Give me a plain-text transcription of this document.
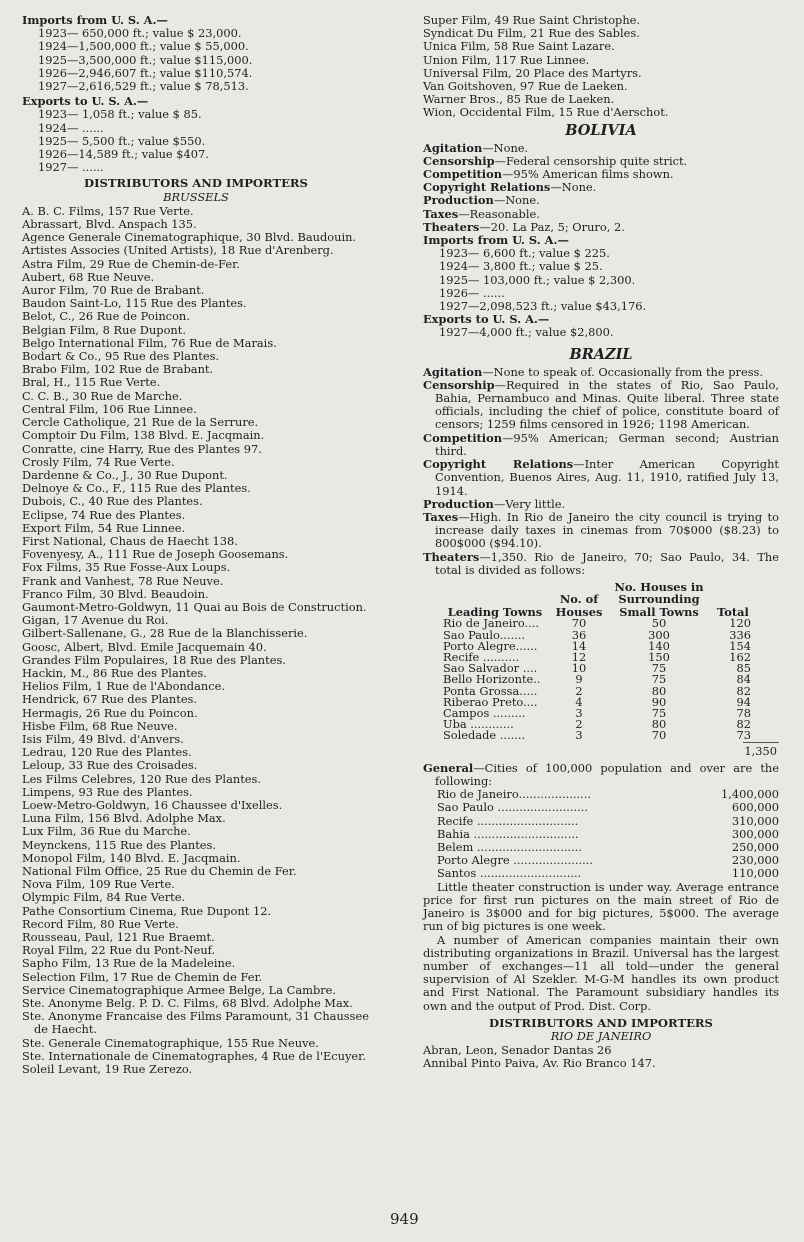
Imports from U. S. A.—
1923— 650,000 ft.; value $ 23,000.
1924—1,500,000 ft.; value $ 55,000.
1925—3,500,000 ft.; value $115,000.
1926—2,946,607 ft.; value $110,574.
1927—2,616,529 ft.; value $ 78,513.
Exports to U. S. A.—
1923— 1,058 ft.; value $ 85.
1924— ......
1925— 5,500 ft.; value $550.
1926—14,589 ft.; value $407.
1927— ......
DISTRIBUTORS AND IMPORTERS
BRUSSELS
A. B. C. Films, 157 Rue Verte.
Abrassart, Blvd. Anspach 135.
Agence Generale Cinematographique, 30 Blvd. Baudouin.
Artistes Associes (United Artists), 18 Rue d'Arenberg.
Astra Film, 29 Rue de Chemin-de-Fer.
Aubert, 68 Rue Neuve.
Auror Film, 70 Rue de Brabant.
Baudon Saint-Lo, 115 Rue des Plantes.
Belot, C., 26 Rue de Poincon.
Belgian Film, 8 Rue Dupont.
Belgo International Film, 76 Rue de Marais.
Bodart & Co., 95 Rue des Plantes.
Brabo Film, 102 Rue de Brabant.
Bral, H., 115 Rue Verte.
C. C. B., 30 Rue de Marche.
Central Film, 106 Rue Linnee.
Cercle Catholique, 21 Rue de la Serrure.
Comptoir Du Film, 138 Blvd. E. Jacqmain.
Conratte, cine Harry, Rue des Plantes 97.
Crosly Film, 74 Rue Verte.
Dardenne & Co., J., 30 Rue Dupont.
Delnoye & Co., F., 115 Rue des Plantes.
Dubois, C., 40 Rue des Plantes.
Eclipse, 74 Rue des Plantes.
Export Film, 54 Rue Linnee.
First National, Chaus de Haecht 138.
Fovenyesy, A., 111 Rue de Joseph Goosemans.
Fox Films, 35 Rue Fosse-Aux Loups.
Frank and Vanhest, 78 Rue Neuve.
Franco Film, 30 Blvd. Beaudoin.
Gaumont-Metro-Goldwyn, 11 Quai au Bois de Construction.
Gigan, 17 Avenue du Roi.
Gilbert-Sallenane, G., 28 Rue de la Blanchisserie.
Goosc, Albert, Blvd. Emile Jacquemain 40.
Grandes Film Populaires, 18 Rue des Plantes.
Hackin, M., 86 Rue des Plantes.
Helios Film, 1 Rue de l'Abondance.
Hendrick, 67 Rue des Plantes.
Hermagis, 26 Rue du Poincon.
Hisbe Film, 68 Rue Neuve.
Isis Film, 49 Blvd. d'Anvers.
Ledrau, 120 Rue des Plantes.
Leloup, 33 Rue des Croisades.
Les Films Celebres, 120 Rue des Plantes.
Limpens, 93 Rue des Plantes.
Loew-Metro-Goldwyn, 16 Chaussee d'Ixelles.
Luna Film, 156 Blvd. Adolphe Max.
Lux Film, 36 Rue du Marche.
Meynckens, 115 Rue des Plantes.
Monopol Film, 140 Blvd. E. Jacqmain.
National Film Office, 25 Rue du Chemin de Fer.
Nova Film, 109 Rue Verte.
Olympic Film, 84 Rue Verte.
Pathe Consortium Cinema, Rue Dupont 12.
Record Film, 80 Rue Verte.
Rousseau, Paul, 121 Rue Braemt.
Royal Film, 22 Rue du Pont-Neuf.
Sapho Film, 13 Rue de la Madeleine.
Selection Film, 17 Rue de Chemin de Fer.
Service Cinematographique Armee Belge, La Cambre.
Ste. Anonyme Belg. P. D. C. Films, 68 Blvd. Adolphe Max.
Ste. Anonyme Francaise des Films Paramount, 31 Chaussee de Haecht.
Ste. Generale Cinematographique, 155 Rue Neuve.
Ste. Internationale de Cinematographes, 4 Rue de l'Ecuyer.
Soleil Levant, 19 Rue Zerezo.
Super Film, 49 Rue Saint Christophe.
Syndicat Du Film, 21 Rue des Sables.
Unica Film, 58 Rue Saint Lazare.
Union Film, 117 Rue Linnee.
Universal Film, 20 Place des Martyrs.
Van Goitshoven, 97 Rue de Laeken.
Warner Bros., 85 Rue de Laeken.
Wion, Occidental Film, 15 Rue d'Aerschot.
BOLIVIA
Agitation—None.
Censorship—Federal censorship quite strict.
Competition—95% American films shown.
Copyright Relations—None.
Production—None.
Taxes—Reasonable.
Theaters—20. La Paz, 5; Oruro, 2.
Imports from U. S. A.—
1923— 6,600 ft.; value $ 225.
1924— 3,800 ft.; value $ 25.
1925— 103,000 ft.; value $ 2,300.
1926— ......
1927—2,098,523 ft.; value $43,176.
Exports to U. S. A.—
1927—4,000 ft.; value $2,800.
BRAZIL
Agitation—None to speak of. Occasionally from the press.
Censorship—Required in the states of Rio, Sao Paulo, Bahia, Pernambuco and Minas. Quite liberal. Three state officials, including the chief of police, constitute board of censors; 1259 films censored in 1926; 1198 American.
Competition—95% American; German second; Austrian third.
Copyright Relations—Inter American Copyright Convention, Buenos Aires, Aug. 11, 1910, ratified July 13, 1914.
Production—Very little.
Taxes—High. In Rio de Janeiro the city council is trying to increase daily taxes in cinemas from 70$000 ($8.23) to 800$000 ($94.10).
Theaters—1,350. Rio de Janeiro, 70; Sao Paulo, 34. The total is divided as follows:
Leading Towns	No. of Houses	No. Houses in Surrounding Small Towns	Total
Rio de Janeiro....	70	50	120
Sao Paulo.......	36	300	336
Porto Alegre......	14	140	154
Recife ..........	12	150	162
Sao Salvador ....	10	75	85
Bello Horizonte..	9	75	84
Ponta Grossa.....	2	80	82
Riberao Preto....	4	90	94
Campos .........	3	75	78
Uba ............	2	80	82
Soledade .......	3	70	73
1,350
General—Cities of 100,000 population and over are the following:
Rio de Janeiro....................	1,400,000
Sao Paulo .........................	600,000
Recife ............................	310,000
Bahia .............................	300,000
Belem .............................	250,000
Porto Alegre ......................	230,000
Santos ............................	110,000
Little theater construction is under way. Average entrance price for first run pictures on the main street of Rio de Janeiro is 3$000 and for big pictures, 5$000. The average run of big pictures is one week.
A number of American companies maintain their own distributing organizations in Brazil. Universal has the largest number of exchanges—11 all told—under the general supervision of Al Szekler. M-G-M handles its own product and First National. The Paramount subsidiary handles its own and the output of Prod. Dist. Corp.
DISTRIBUTORS AND IMPORTERS
RIO DE JANEIRO
Abran, Leon, Senador Dantas 26
Annibal Pinto Paiva, Av. Rio Branco 147.
949
